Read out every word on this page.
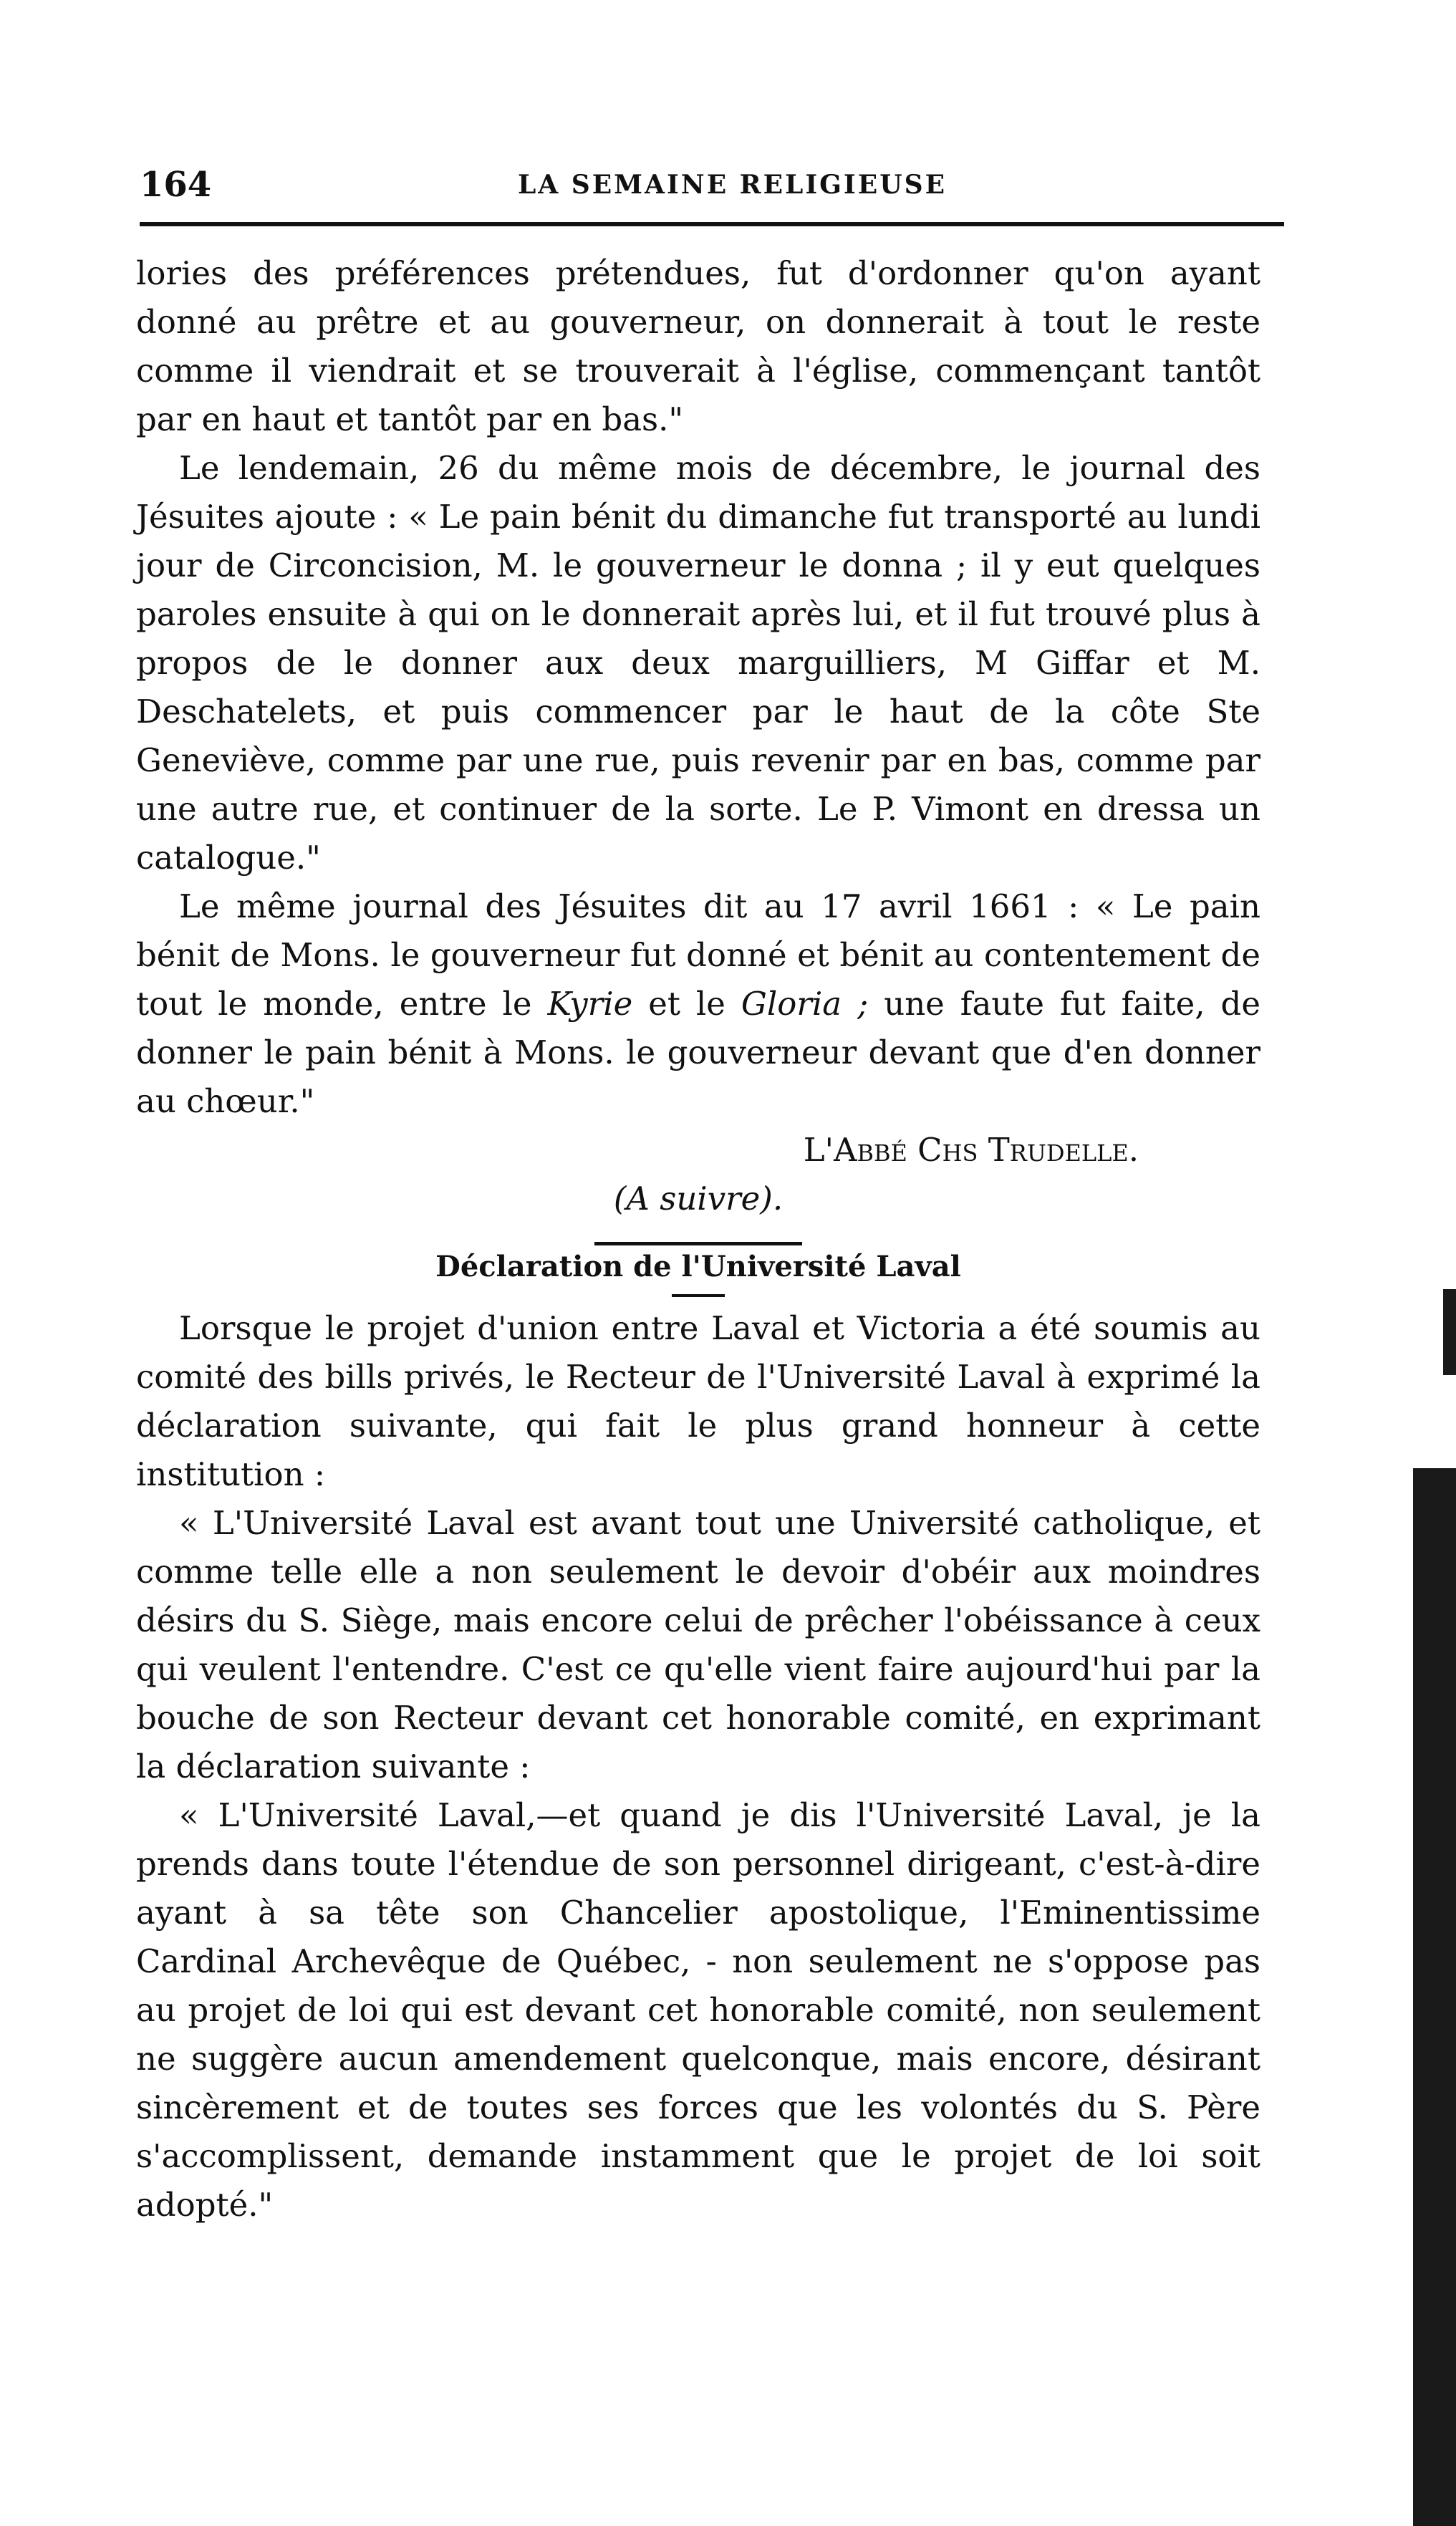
164	LA SEMAINE RELIGIEUSE

lories des préférences prétendues, fut d'ordonner qu'on ayant donné au prêtre et au gouverneur, on donnerait à tout le reste comme il viendrait et se trouverait à l'église, commençant tantôt par en haut et tantôt par en bas."

Le lendemain, 26 du même mois de décembre, le journal des Jésuites ajoute : « Le pain bénit du dimanche fut transporté au lundi jour de Circoncision, M. le gouverneur le donna ; il y eut quelques paroles ensuite à qui on le donnerait après lui, et il fut trouvé plus à propos de le donner aux deux marguilliers, M Giffar et M. Deschatelets, et puis commencer par le haut de la côte Ste Geneviève, comme par une rue, puis revenir par en bas, comme par une autre rue, et continuer de la sorte. Le P. Vimont en dressa un catalogue."

Le même journal des Jésuites dit au 17 avril 1661 : « Le pain bénit de Mons. le gouverneur fut donné et bénit au contentement de tout le monde, entre le Kyrie et le Gloria ; une faute fut faite, de donner le pain bénit à Mons. le gouverneur devant que d'en donner au chœur."

L'Abbé Chs Trudelle.

(A suivre).

Déclaration de l'Université Laval

Lorsque le projet d'union entre Laval et Victoria a été soumis au comité des bills privés, le Recteur de l'Université Laval à exprimé la déclaration suivante, qui fait le plus grand honneur à cette institution :

« L'Université Laval est avant tout une Université catholique, et comme telle elle a non seulement le devoir d'obéir aux moindres désirs du S. Siège, mais encore celui de prêcher l'obéissance à ceux qui veulent l'entendre. C'est ce qu'elle vient faire aujourd'hui par la bouche de son Recteur devant cet honorable comité, en exprimant la déclaration suivante :

« L'Université Laval,—et quand je dis l'Université Laval, je la prends dans toute l'étendue de son personnel dirigeant, c'est-à-dire ayant à sa tête son Chancelier apostolique, l'Eminentissime Cardinal Archevêque de Québec, - non seulement ne s'oppose pas au projet de loi qui est devant cet honorable comité, non seulement ne suggère aucun amendement quelconque, mais encore, désirant sincèrement et de toutes ses forces que les volontés du S. Père s'accomplissent, demande instamment que le projet de loi soit adopté."
